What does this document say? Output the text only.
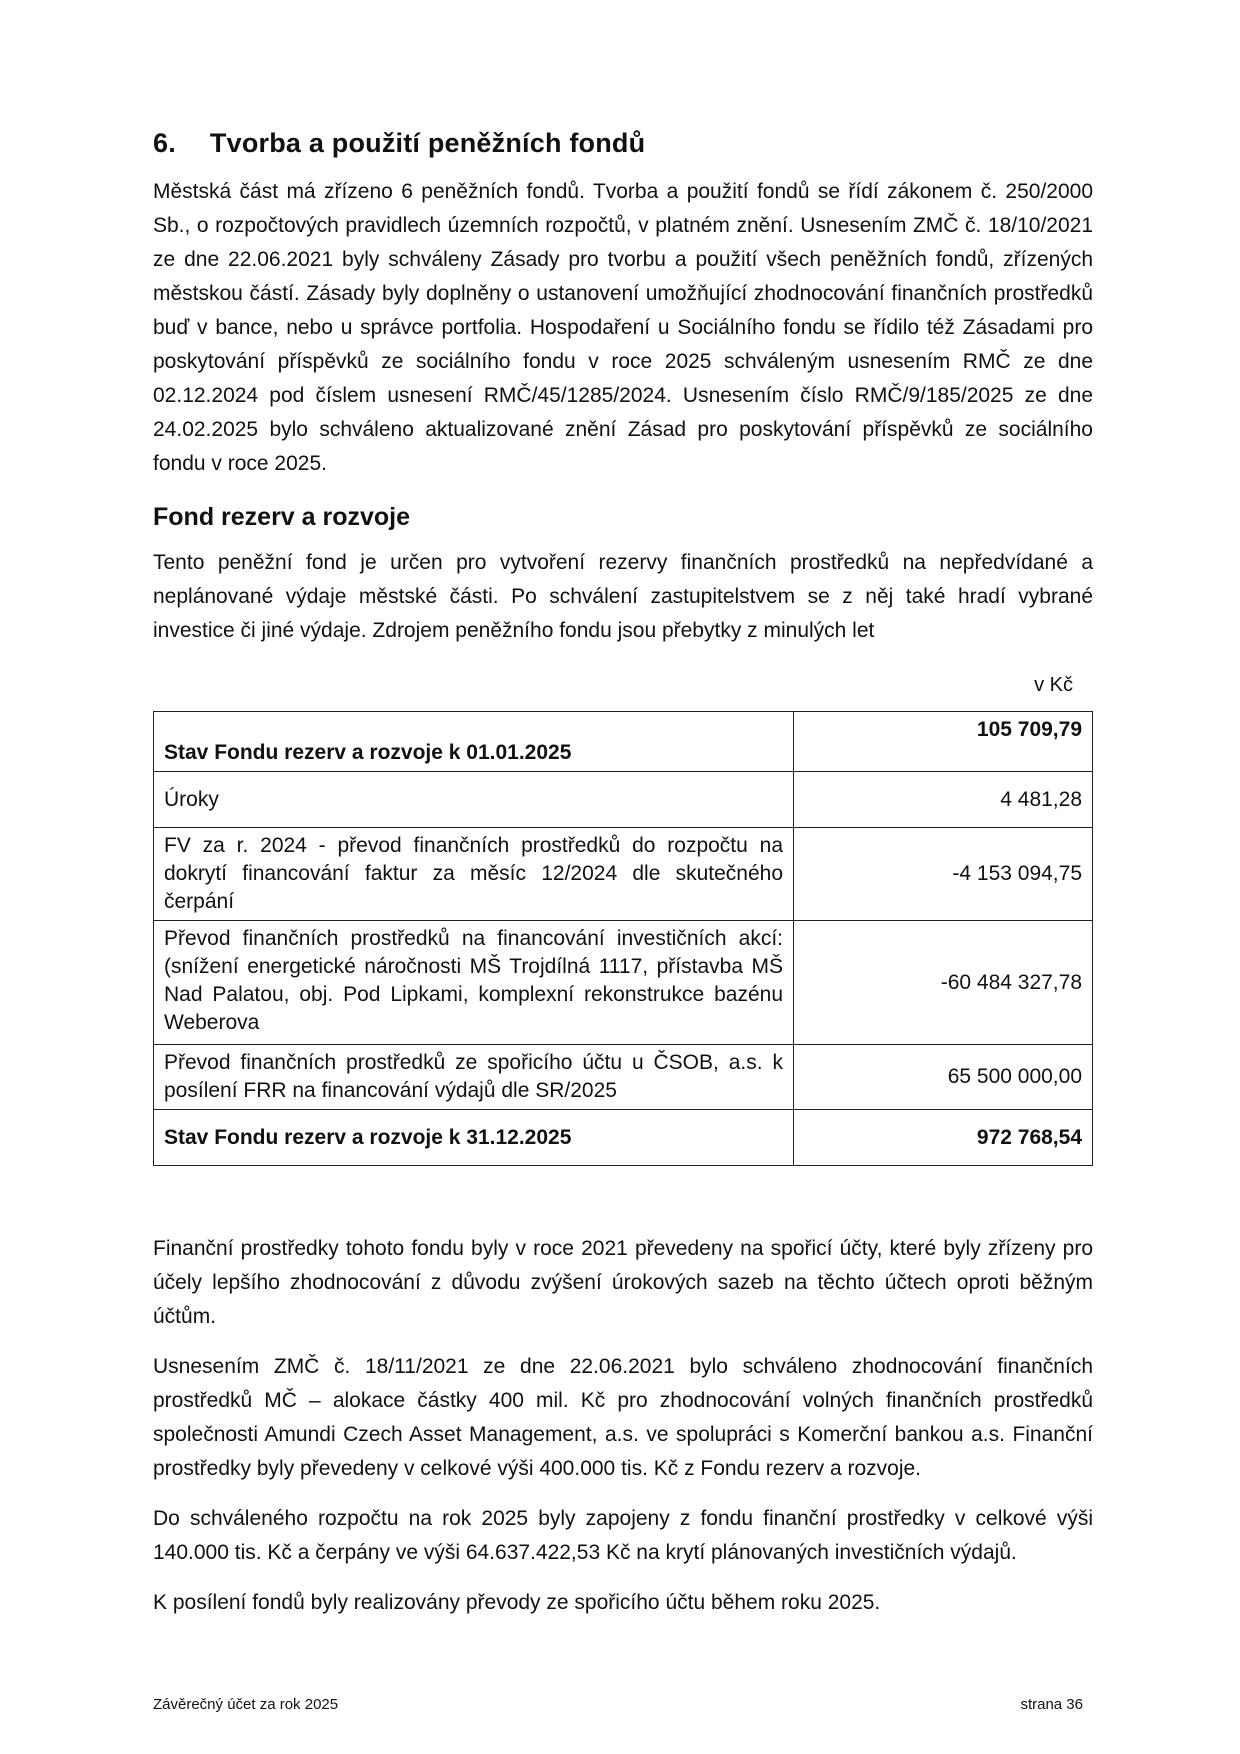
6. Tvorba a použití peněžních fondů

Městská část má zřízeno 6 peněžních fondů. Tvorba a použití fondů se řídí zákonem č. 250/2000 Sb., o rozpočtových pravidlech územních rozpočtů, v platném znění. Usnesením ZMČ č. 18/10/2021 ze dne 22.06.2021 byly schváleny Zásady pro tvorbu a použití všech peněžních fondů, zřízených městskou částí. Zásady byly doplněny o ustanovení umožňující zhodnocování finančních prostředků buď v bance, nebo u správce portfolia. Hospodaření u Sociálního fondu se řídilo též Zásadami pro poskytování příspěvků ze sociálního fondu v roce 2025 schváleným usnesením RMČ ze dne 02.12.2024 pod číslem usnesení RMČ/45/1285/2024. Usnesením číslo RMČ/9/185/2025 ze dne 24.02.2025 bylo schváleno aktualizované znění Zásad pro poskytování příspěvků ze sociálního fondu v roce 2025.

Fond rezerv a rozvoje

Tento peněžní fond je určen pro vytvoření rezervy finančních prostředků na nepředvídané a neplánované výdaje městské části. Po schválení zastupitelstvem se z něj také hradí vybrané investice či jiné výdaje. Zdrojem peněžního fondu jsou přebytky z minulých let

v Kč
Stav Fondu rezerv a rozvoje k 01.01.2025	105 709,79
Úroky	4 481,28
FV za r. 2024 - převod finančních prostředků do rozpočtu na dokrytí financování faktur za měsíc 12/2024 dle skutečného čerpání	-4 153 094,75
Převod finančních prostředků na financování investičních akcí: (snížení energetické náročnosti MŠ Trojdílná 1117, přístavba MŠ Nad Palatou, obj. Pod Lipkami, komplexní rekonstrukce bazénu Weberova	-60 484 327,78
Převod finančních prostředků ze spořicího účtu u ČSOB, a.s. k posílení FRR na financování výdajů dle SR/2025	65 500 000,00
Stav Fondu rezerv a rozvoje k 31.12.2025	972 768,54

Finanční prostředky tohoto fondu byly v roce 2021 převedeny na spořicí účty, které byly zřízeny pro účely lepšího zhodnocování z důvodu zvýšení úrokových sazeb na těchto účtech oproti běžným účtům.

Usnesením ZMČ č. 18/11/2021 ze dne 22.06.2021 bylo schváleno zhodnocování finančních prostředků MČ – alokace částky 400 mil. Kč pro zhodnocování volných finančních prostředků společnosti Amundi Czech Asset Management, a.s. ve spolupráci s Komerční bankou a.s. Finanční prostředky byly převedeny v celkové výši 400.000 tis. Kč z Fondu rezerv a rozvoje.

Do schváleného rozpočtu na rok 2025 byly zapojeny z fondu finanční prostředky v celkové výši 140.000 tis. Kč a čerpány ve výši 64.637.422,53 Kč na krytí plánovaných investičních výdajů.

K posílení fondů byly realizovány převody ze spořicího účtu během roku 2025.

Závěrečný účet za rok 2025	strana 36
